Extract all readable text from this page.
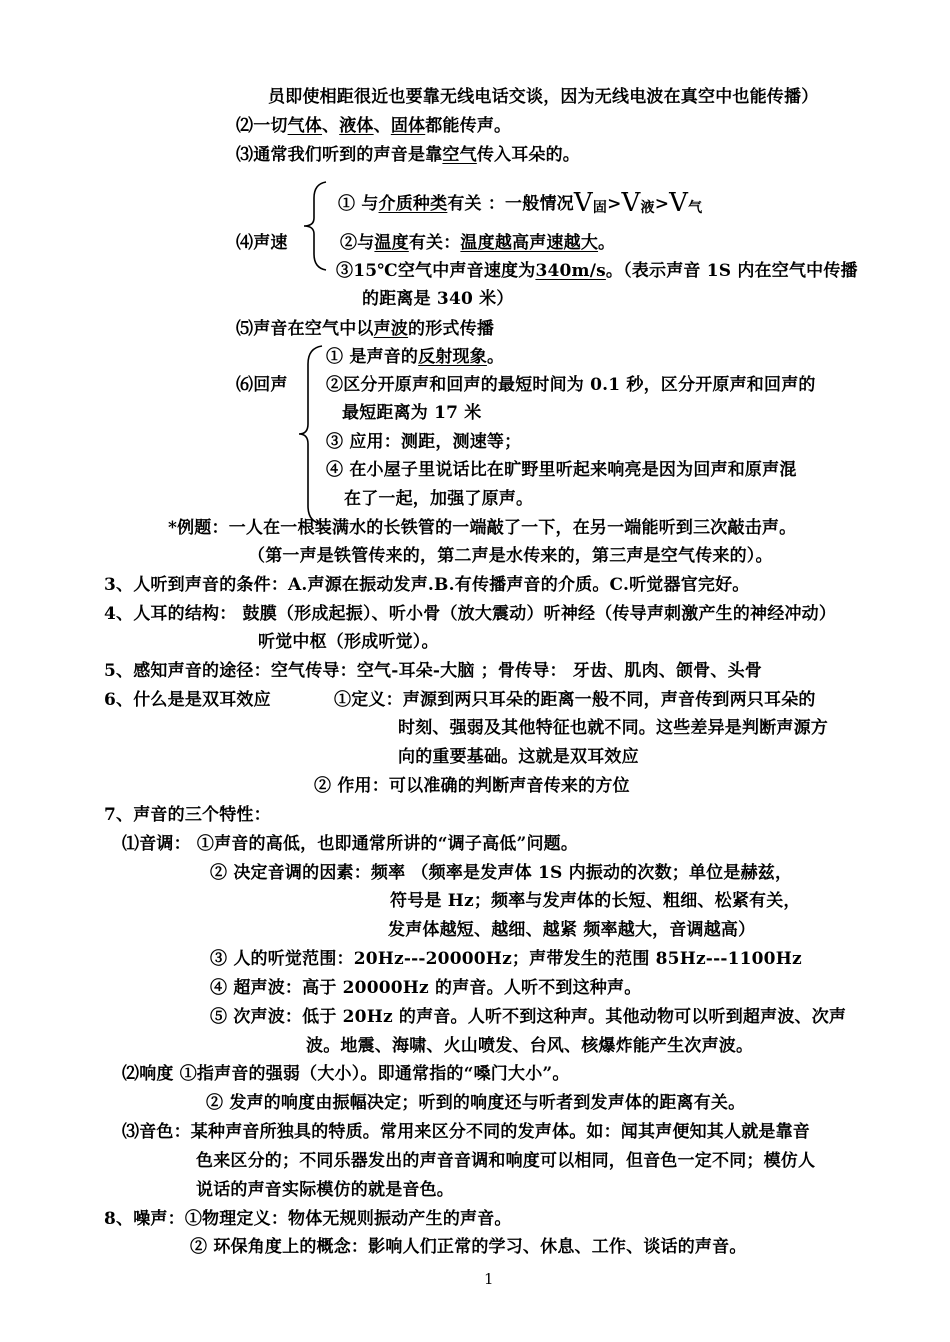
员即使相距很近也要靠无线电话交谈，因为无线电波在真空中也能传播）
⑵一切气体、液体、固体都能传声。
⑶通常我们听到的声音是靠空气传入耳朵的。
① 与介质种类有关 ：一般情况V固>V液>V气
⑷声速	②与温度有关：温度越高声速越大。
③15℃空气中声音速度为340m/s。（表示声音 1S 内在空气中传播
的距离是 340 米）
⑸声音在空气中以声波的形式传播
① 是声音的反射现象。
⑹回声 ②区分开原声和回声的最短时间为 0.1 秒，区分开原声和回声的
最短距离为 17 米
③ 应用：测距，测速等；
④ 在小屋子里说话比在旷野里听起来响亮是因为回声和原声混
在了一起，加强了原声。
*例题：一人在一根装满水的长铁管的一端敲了一下，在另一端能听到三次敲击声。
（第一声是铁管传来的，第二声是水传来的，第三声是空气传来的）。
3、人听到声音的条件：A.声源在振动发声.B.有传播声音的介质。C.听觉器官完好。
4、人耳的结构： 鼓膜（形成起振）、听小骨（放大震动）听神经（传导声刺激产生的神经冲动）
听觉中枢（形成听觉）。
5、感知声音的途径：空气传导：空气-耳朵-大脑 ；骨传导： 牙齿、肌肉、颌骨、头骨
6、什么是是双耳效应	①定义：声源到两只耳朵的距离一般不同，声音传到两只耳朵的
时刻、强弱及其他特征也就不同。这些差异是判断声源方
向的重要基础。这就是双耳效应
② 作用：可以准确的判断声音传来的方位
7、声音的三个特性：
⑴音调： ①声音的高低，也即通常所讲的“调子高低”问题。
② 决定音调的因素：频率 （频率是发声体 1S 内振动的次数；单位是赫兹，
符号是 Hz；频率与发声体的长短、粗细、松紧有关，
发声体越短、越细、越紧 频率越大，音调越高）
③ 人的听觉范围：20Hz---20000Hz；声带发生的范围 85Hz---1100Hz
④ 超声波：高于 20000Hz 的声音。人听不到这种声。
⑤ 次声波：低于 20Hz 的声音。人听不到这种声。其他动物可以听到超声波、次声
波。地震、海啸、火山喷发、台风、核爆炸能产生次声波。
⑵响度 ①指声音的强弱（大小）。即通常指的“嗓门大小”。
② 发声的响度由振幅决定；听到的响度还与听者到发声体的距离有关。
⑶音色：某种声音所独具的特质。常用来区分不同的发声体。如：闻其声便知其人就是靠音
色来区分的；不同乐器发出的声音音调和响度可以相同，但音色一定不同；模仿人
说话的声音实际模仿的就是音色。
8、噪声：①物理定义：物体无规则振动产生的声音。
② 环保角度上的概念：影响人们正常的学习、休息、工作、谈话的声音。
1
